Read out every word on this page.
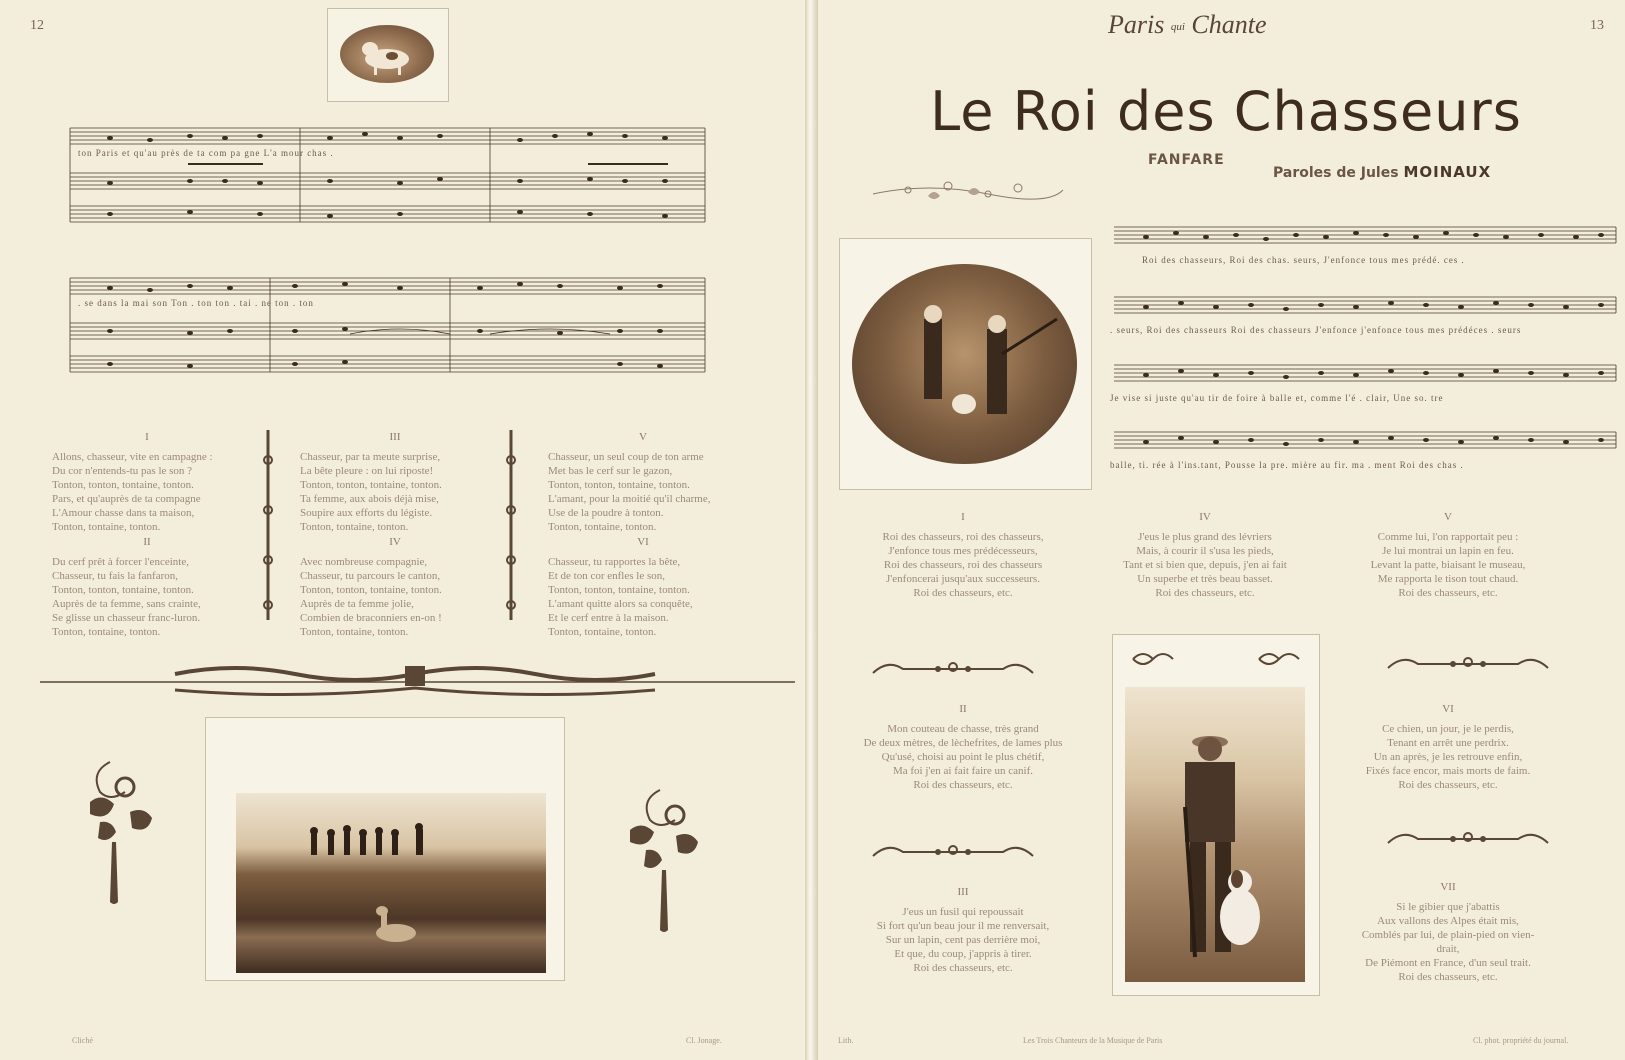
12
ton Paris et qu'au près de ta com pa gne L'a mour chas .
. se dans la mai son Ton . ton ton . tai . ne ton . ton
I
Allons, chasseur, vite en campagne :
Du cor n'entends-tu pas le son ?
Tonton, tonton, tontaine, tonton.
Pars, et qu'auprès de ta compagne
L'Amour chasse dans ta maison,
Tonton, tontaine, tonton.
II
Du cerf prêt à forcer l'enceinte,
Chasseur, tu fais la fanfaron,
Tonton, tonton, tontaine, tonton.
Auprès de ta femme, sans crainte,
Se glisse un chasseur franc-luron.
Tonton, tontaine, tonton.
III
Chasseur, par ta meute surprise,
La bête pleure : on lui riposte!
Tonton, tonton, tontaine, tonton.
Ta femme, aux abois déjà mise,
Soupire aux efforts du légiste.
Tonton, tontaine, tonton.
IV
Avec nombreuse compagnie,
Chasseur, tu parcours le canton,
Tonton, tonton, tontaine, tonton.
Auprès de ta femme jolie,
Combien de braconniers en-on !
Tonton, tontaine, tonton.
V
Chasseur, un seul coup de ton arme
Met bas le cerf sur le gazon,
Tonton, tonton, tontaine, tonton.
L'amant, pour la moitié qu'il charme,
Use de la poudre à tonton.
Tonton, tontaine, tonton.
VI
Chasseur, tu rapportes la bête,
Et de ton cor enfles le son,
Tonton, tonton, tontaine, tonton.
L'amant quitte alors sa conquête,
Et le cerf entre à la maison.
Tonton, tontaine, tonton.
Cliché	Cl. Jonage.
Paris qui Chante	13
Le Roi des Chasseurs
FANFARE
Paroles de Jules MOINAUX
Roi des chasseurs, Roi des chas. seurs, J'enfonce tous mes prédé. ces .
. seurs, Roi des chasseurs Roi des chasseurs J'enfonce j'enfonce tous mes prédéces . seurs
Je vise si juste qu'au tir de foire à balle et, comme l'é . clair, Une so. tre
balle, ti. rée à l'ins.tant, Pousse la pre. mière au fir. ma . ment Roi des chas .
I
Roi des chasseurs, roi des chasseurs,
J'enfonce tous mes prédécesseurs,
Roi des chasseurs, roi des chasseurs
J'enfoncerai jusqu'aux successeurs.
Roi des chasseurs, etc.
IV
J'eus le plus grand des lévriers
Mais, à courir il s'usa les pieds,
Tant et si bien que, depuis, j'en ai fait
Un superbe et très beau basset.
Roi des chasseurs, etc.
V
Comme lui, l'on rapportait peu :
Je lui montrai un lapin en feu.
Levant la patte, biaisant le museau,
Me rapporta le tison tout chaud.
Roi des chasseurs, etc.
II
Mon couteau de chasse, très grand
De deux mètres, de lèchefrites, de lames plus
Qu'usé, choisi au point le plus chétif,
Ma foi j'en ai fait faire un canif.
Roi des chasseurs, etc.
VI
Ce chien, un jour, je le perdis,
Tenant en arrêt une perdrix.
Un an après, je les retrouve enfin,
Fixés face encor, mais morts de faim.
Roi des chasseurs, etc.
III
J'eus un fusil qui repoussait
Si fort qu'un beau jour il me renversait,
Sur un lapin, cent pas derrière moi,
Et que, du coup, j'appris à tirer.
Roi des chasseurs, etc.
VII
Si le gibier que j'abattis
Aux vallons des Alpes était mis,
Comblés par lui, de plain-pied on vien-
drait,
De Piémont en France, d'un seul trait.
Roi des chasseurs, etc.
Lith.	Les Trois Chanteurs de la Musique de Paris	Cl. phot. propriété du journal.
